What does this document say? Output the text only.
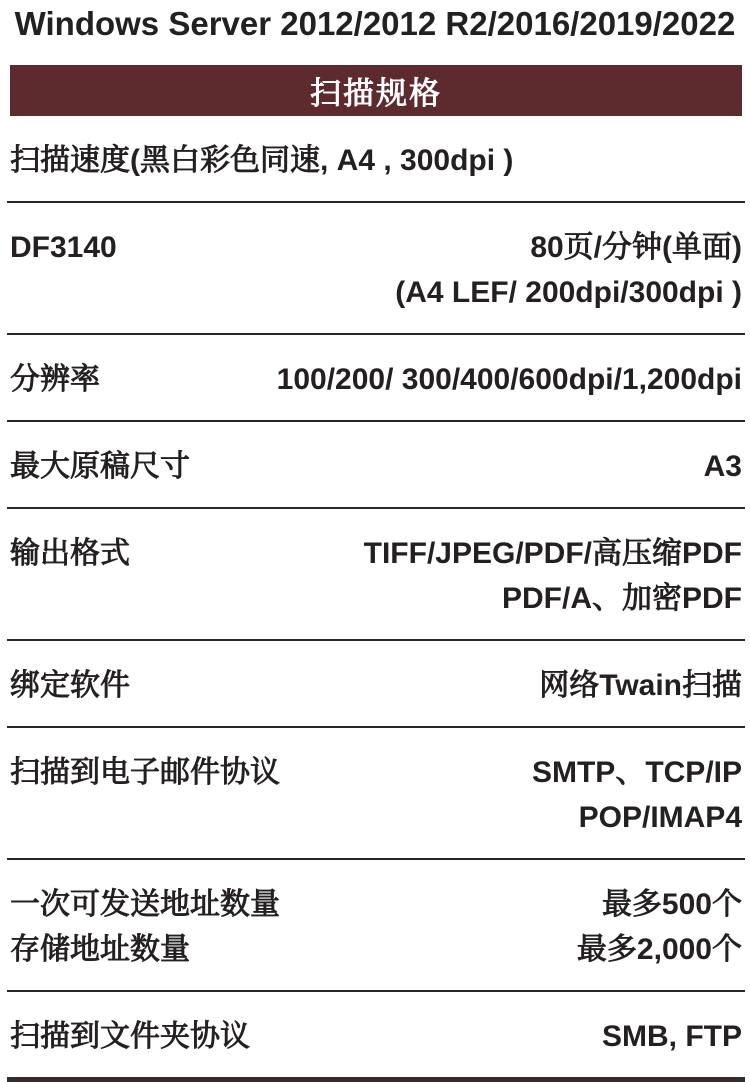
Windows Server 2012/2012 R2/2016/2019/2022
扫描规格
扫描速度(黑白彩色同速, A4 , 300dpi )
DF3140	80页/分钟(单面)
(A4 LEF/ 200dpi/300dpi )
分辨率	100/200/ 300/400/600dpi/1,200dpi
最大原稿尺寸	A3
输出格式	TIFF/JPEG/PDF/高压缩PDF
PDF/A、加密PDF
绑定软件	网络Twain扫描
扫描到电子邮件协议	SMTP、TCP/IP
POP/IMAP4
一次可发送地址数量	最多500个
存储地址数量	最多2,000个
扫描到文件夹协议	SMB, FTP
